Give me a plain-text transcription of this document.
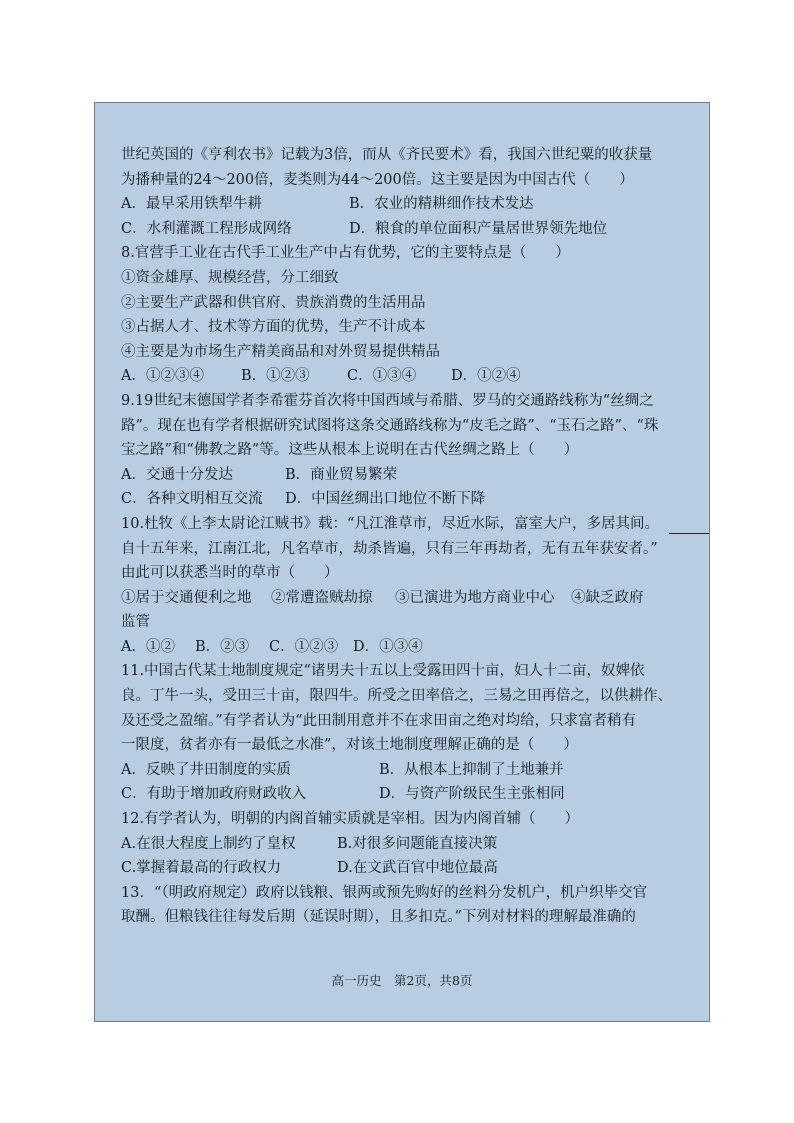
世纪英国的《亨利农书》记载为3倍，而从《齐民要术》看，我国六世纪粟的收获量
为播种量的24～200倍，麦类则为44～200倍。这主要是因为中国古代（　　）
A．最早采用铁犁牛耕	B．农业的精耕细作技术发达
C．水利灌溉工程形成网络	D．粮食的单位面积产量居世界领先地位
8.官营手工业在古代手工业生产中占有优势，它的主要特点是（　　）
①资金雄厚、规模经营，分工细致
②主要生产武器和供官府、贵族消费的生活用品
③占据人才、技术等方面的优势，生产不计成本
④主要是为市场生产精美商品和对外贸易提供精品
A．①②③④	B．①②③	C．①③④	D．①②④
9.19世纪末德国学者李希霍芬首次将中国西域与希腊、罗马的交通路线称为“丝绸之
路”。现在也有学者根据研究试图将这条交通路线称为“皮毛之路”、“玉石之路”、“珠
宝之路”和“佛教之路”等。这些从根本上说明在古代丝绸之路上（　　）
A．交通十分发达	B．商业贸易繁荣
C．各种文明相互交流	D．中国丝绸出口地位不断下降
10.杜牧《上李太尉论江贼书》载：“凡江淮草市，尽近水际，富室大户，多居其间。
自十五年来，江南江北，凡名草市，劫杀皆遍，只有三年再劫者，无有五年获安者。”
由此可以获悉当时的草市（　　）
①居于交通便利之地	②常遭盗贼劫掠	③已演进为地方商业中心	④缺乏政府
监管
A．①②	B．②③	C．①②③	D．①③④
11.中国古代某土地制度规定“诸男夫十五以上受露田四十亩，妇人十二亩，奴婢依
良。丁牛一头，受田三十亩，限四牛。所受之田率倍之，三易之田再倍之，以供耕作、
及还受之盈缩。”有学者认为“此田制用意并不在求田亩之绝对均给，只求富者稍有
一限度，贫者亦有一最低之水准”，对该土地制度理解正确的是（　　）
A．反映了井田制度的实质	B．从根本上抑制了土地兼并
C．有助于增加政府财政收入	D．与资产阶级民生主张相同
12.有学者认为，明朝的内阁首辅实质就是宰相。因为内阁首辅（　　）
A.在很大程度上制约了皇权	B.对很多问题能直接决策
C.掌握着最高的行政权力	D.在文武百官中地位最高
13．“（明政府规定）政府以钱粮、银两或预先购好的丝料分发机户，机户织毕交官
取酬。但粮钱往往每发后期（延误时期），且多扣克。”下列对材料的理解最准确的
高一历史　第2页，共8页
